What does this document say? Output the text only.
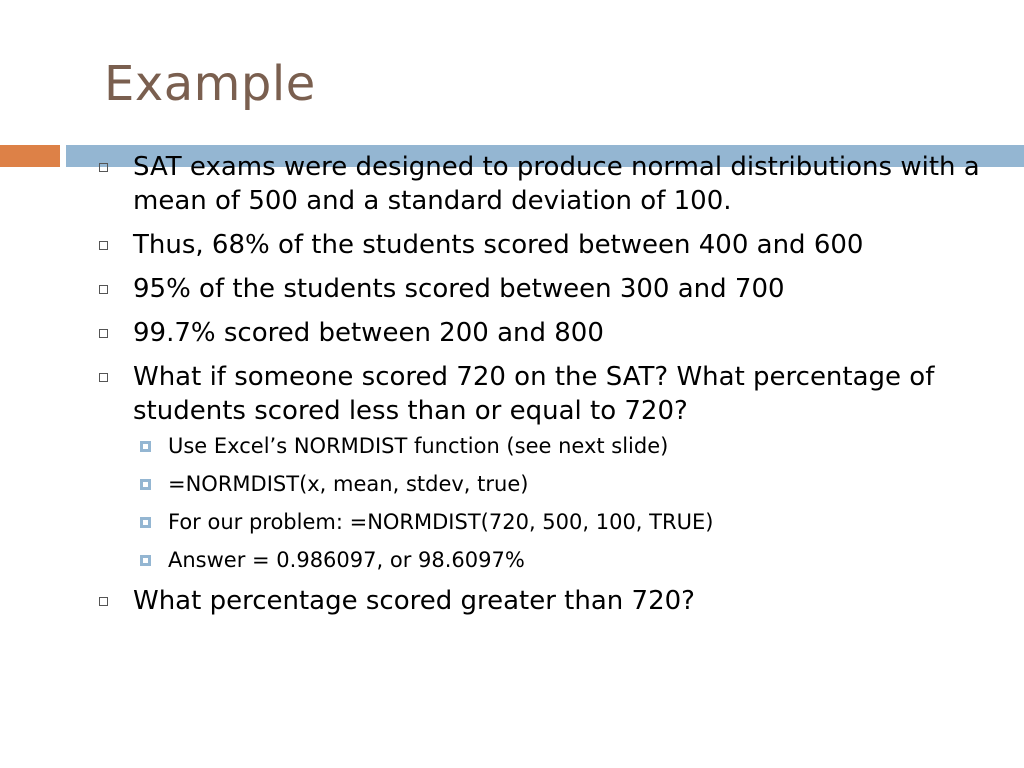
Example
SAT exams were designed to produce normal distributions with a mean of 500 and a standard deviation of 100.
Thus, 68% of the students scored between 400 and 600
95% of the students scored between 300 and 700
99.7% scored between 200 and 800
What if someone scored 720 on the SAT? What percentage of students scored less than or equal to 720?
Use Excel’s NORMDIST function (see next slide)
=NORMDIST(x, mean, stdev, true)
For our problem: =NORMDIST(720, 500, 100, TRUE)
Answer = 0.986097, or 98.6097%
What percentage scored greater than 720?
